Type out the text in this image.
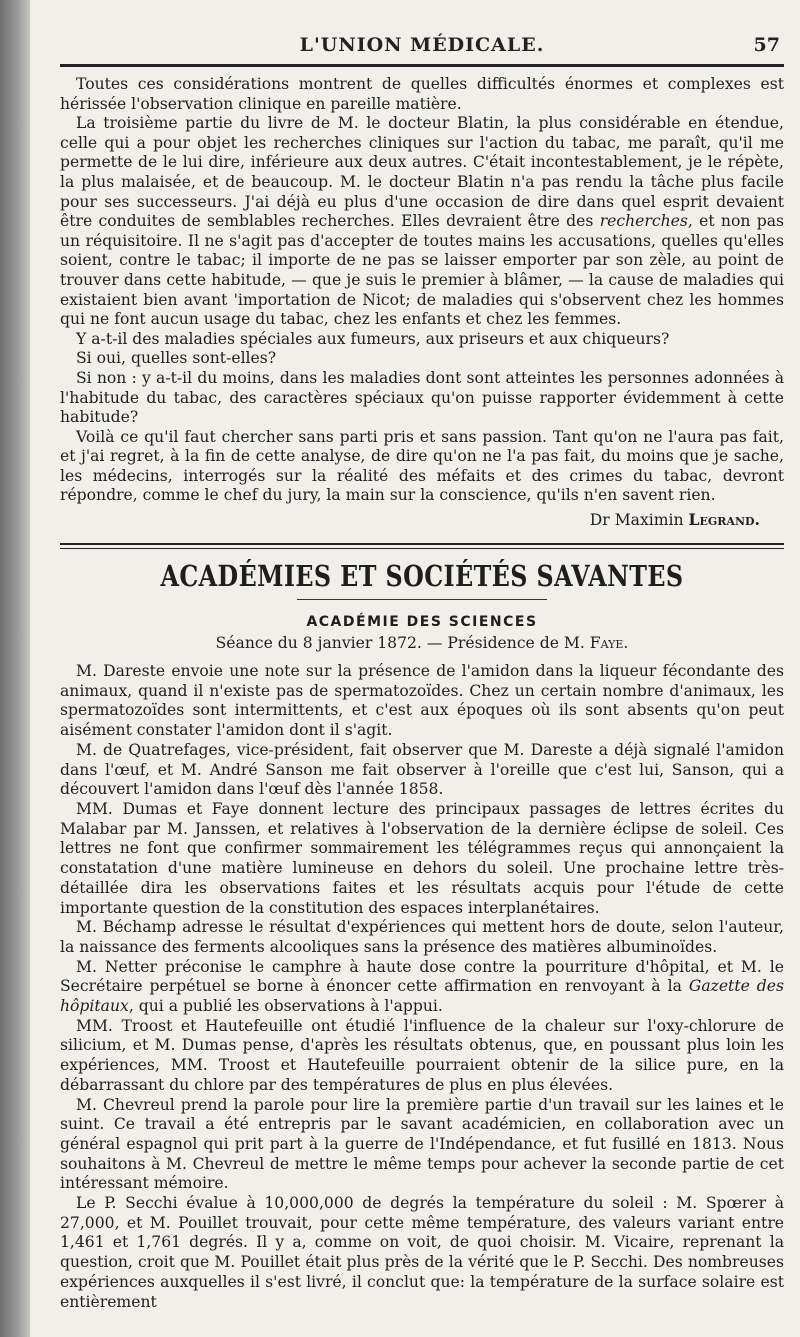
L'UNION MÉDICALE.	57

Toutes ces considérations montrent de quelles difficultés énormes et complexes est hérissée l'observation clinique en pareille matière.

La troisième partie du livre de M. le docteur Blatin, la plus considérable en étendue, celle qui a pour objet les recherches cliniques sur l'action du tabac, me paraît, qu'il me permette de le lui dire, inférieure aux deux autres. C'était incontestablement, je le répète, la plus malaisée, et de beaucoup. M. le docteur Blatin n'a pas rendu la tâche plus facile pour ses successeurs. J'ai déjà eu plus d'une occasion de dire dans quel esprit devaient être conduites de semblables recherches. Elles devraient être des recherches, et non pas un réquisitoire. Il ne s'agit pas d'accepter de toutes mains les accusations, quelles qu'elles soient, contre le tabac; il importe de ne pas se laisser emporter par son zèle, au point de trouver dans cette habitude, — que je suis le premier à blâmer, — la cause de maladies qui existaient bien avant 'importation de Nicot; de maladies qui s'observent chez les hommes qui ne font aucun usage du tabac, chez les enfants et chez les femmes.

Y a-t-il des maladies spéciales aux fumeurs, aux priseurs et aux chiqueurs?

Si oui, quelles sont-elles?

Si non : y a-t-il du moins, dans les maladies dont sont atteintes les personnes adonnées à l'habitude du tabac, des caractères spéciaux qu'on puisse rapporter évidemment à cette habitude?

Voilà ce qu'il faut chercher sans parti pris et sans passion. Tant qu'on ne l'aura pas fait, et j'ai regret, à la fin de cette analyse, de dire qu'on ne l'a pas fait, du moins que je sache, les médecins, interrogés sur la réalité des méfaits et des crimes du tabac, devront répondre, comme le chef du jury, la main sur la conscience, qu'ils n'en savent rien.

Dr Maximin Legrand.
ACADÉMIES ET SOCIÉTÉS SAVANTES
ACADÉMIE DES SCIENCES
Séance du 8 janvier 1872. — Présidence de M. Faye.

M. Dareste envoie une note sur la présence de l'amidon dans la liqueur fécondante des animaux, quand il n'existe pas de spermatozoïdes. Chez un certain nombre d'animaux, les spermatozoïdes sont intermittents, et c'est aux époques où ils sont absents qu'on peut aisément constater l'amidon dont il s'agit.

M. de Quatrefages, vice-président, fait observer que M. Dareste a déjà signalé l'amidon dans l'œuf, et M. André Sanson me fait observer à l'oreille que c'est lui, Sanson, qui a découvert l'amidon dans l'œuf dès l'année 1858.

MM. Dumas et Faye donnent lecture des principaux passages de lettres écrites du Malabar par M. Janssen, et relatives à l'observation de la dernière éclipse de soleil. Ces lettres ne font que confirmer sommairement les télégrammes reçus qui annonçaient la constatation d'une matière lumineuse en dehors du soleil. Une prochaine lettre très-détaillée dira les observations faites et les résultats acquis pour l'étude de cette importante question de la constitution des espaces interplanétaires.

M. Béchamp adresse le résultat d'expériences qui mettent hors de doute, selon l'auteur, la naissance des ferments alcooliques sans la présence des matières albuminoïdes.

M. Netter préconise le camphre à haute dose contre la pourriture d'hôpital, et M. le Secrétaire perpétuel se borne à énoncer cette affirmation en renvoyant à la Gazette des hôpitaux, qui a publié les observations à l'appui.

MM. Troost et Hautefeuille ont étudié l'influence de la chaleur sur l'oxy-chlorure de silicium, et M. Dumas pense, d'après les résultats obtenus, que, en poussant plus loin les expériences, MM. Troost et Hautefeuille pourraient obtenir de la silice pure, en la débarrassant du chlore par des températures de plus en plus élevées.

M. Chevreul prend la parole pour lire la première partie d'un travail sur les laines et le suint. Ce travail a été entrepris par le savant académicien, en collaboration avec un général espagnol qui prit part à la guerre de l'Indépendance, et fut fusillé en 1813. Nous souhaitons à M. Chevreul de mettre le même temps pour achever la seconde partie de cet intéressant mémoire.

Le P. Secchi évalue à 10,000,000 de degrés la température du soleil : M. Spœrer à 27,000, et M. Pouillet trouvait, pour cette même température, des valeurs variant entre 1,461 et 1,761 degrés. Il y a, comme on voit, de quoi choisir. M. Vicaire, reprenant la question, croit que M. Pouillet était plus près de la vérité que le P. Secchi. Des nombreuses expériences auxquelles il s'est livré, il conclut que: la température de la surface solaire est entièrement
